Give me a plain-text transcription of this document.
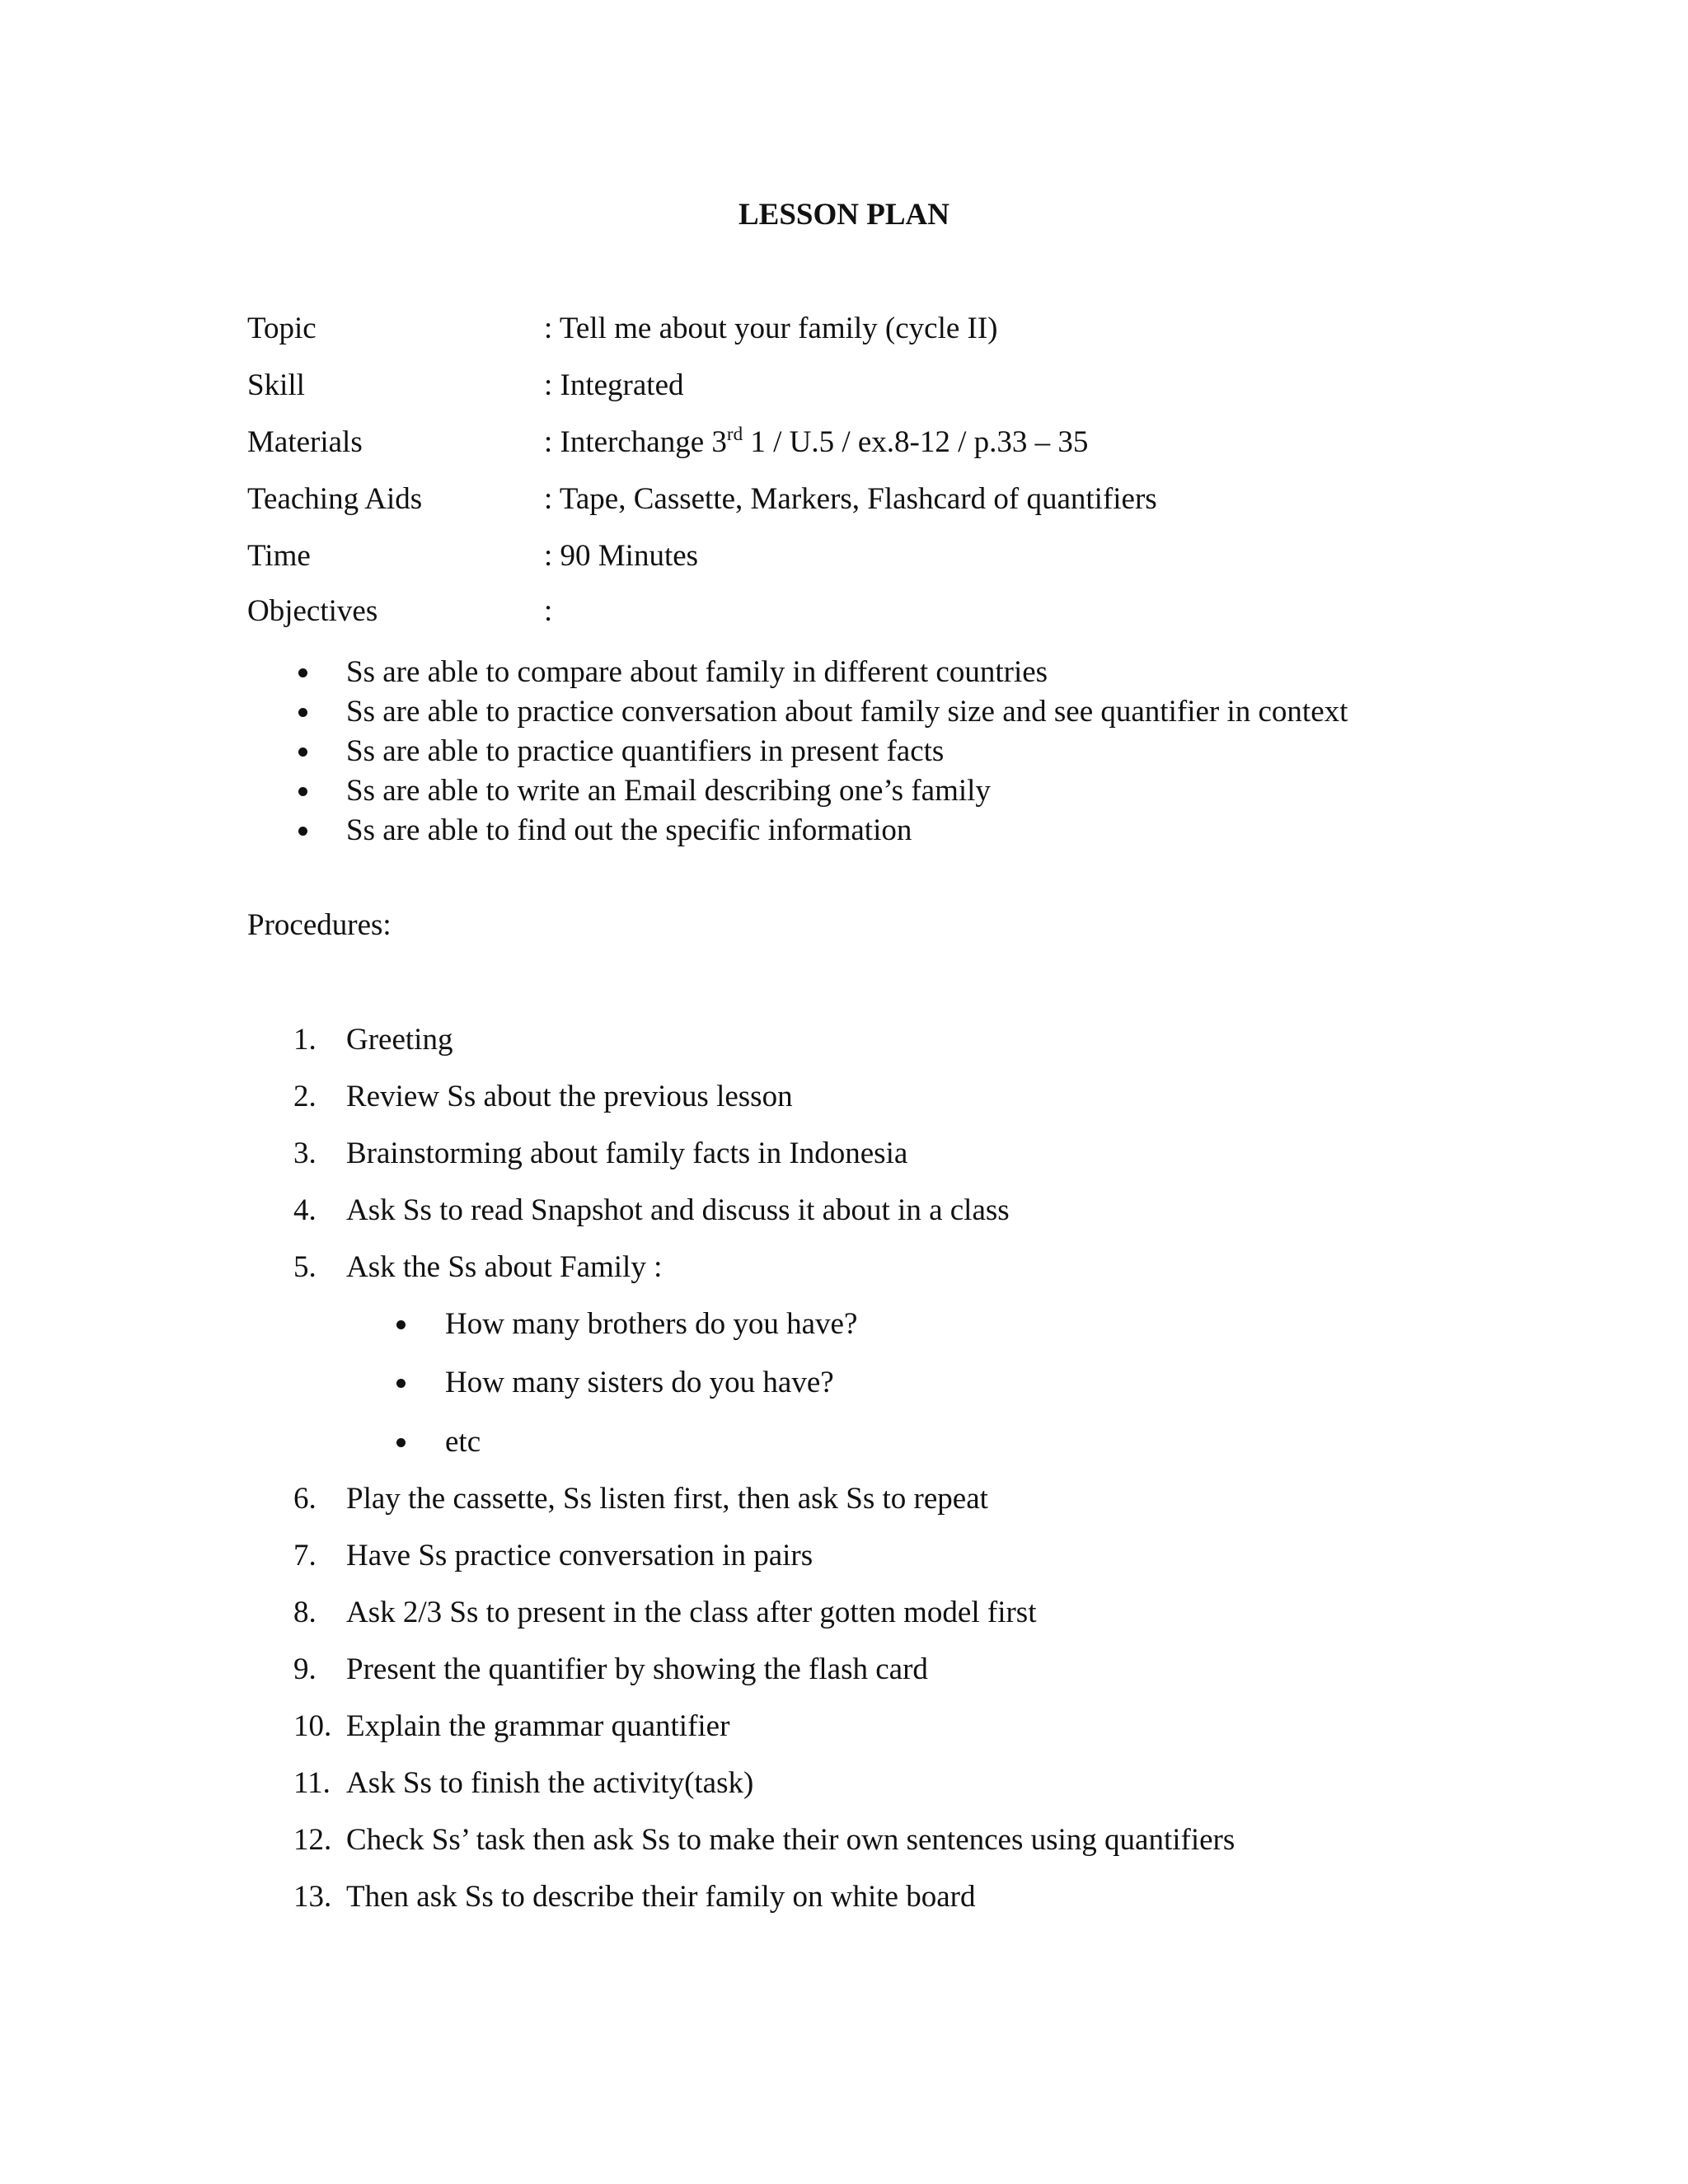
LESSON PLAN
Topic	: Tell me about your family (cycle II)
Skill	: Integrated
Materials	: Interchange 3rd 1 / U.5 / ex.8-12 / p.33 – 35
Teaching Aids	: Tape, Cassette, Markers, Flashcard of quantifiers
Time	: 90 Minutes
Objectives	:
Ss are able to compare about family in different countries
Ss are able to practice conversation about family size and see quantifier in context
Ss are able to practice quantifiers in present facts
Ss are able to write an Email describing one’s family
Ss are able to find out the specific information
Procedures:
1. Greeting
2. Review Ss about the previous lesson
3. Brainstorming about family facts in Indonesia
4. Ask Ss to read Snapshot and discuss it about in a class
5. Ask the Ss about Family :
How many brothers do you have?
How many sisters do you have?
etc
6. Play the cassette, Ss listen first, then ask Ss to repeat
7. Have Ss practice conversation in pairs
8. Ask 2/3 Ss to present in the class after gotten model first
9. Present the quantifier by showing the flash card
10. Explain the grammar quantifier
11. Ask Ss to finish the activity(task)
12. Check Ss’ task then ask Ss to make their own sentences using quantifiers
13. Then ask Ss to describe their family on white board
